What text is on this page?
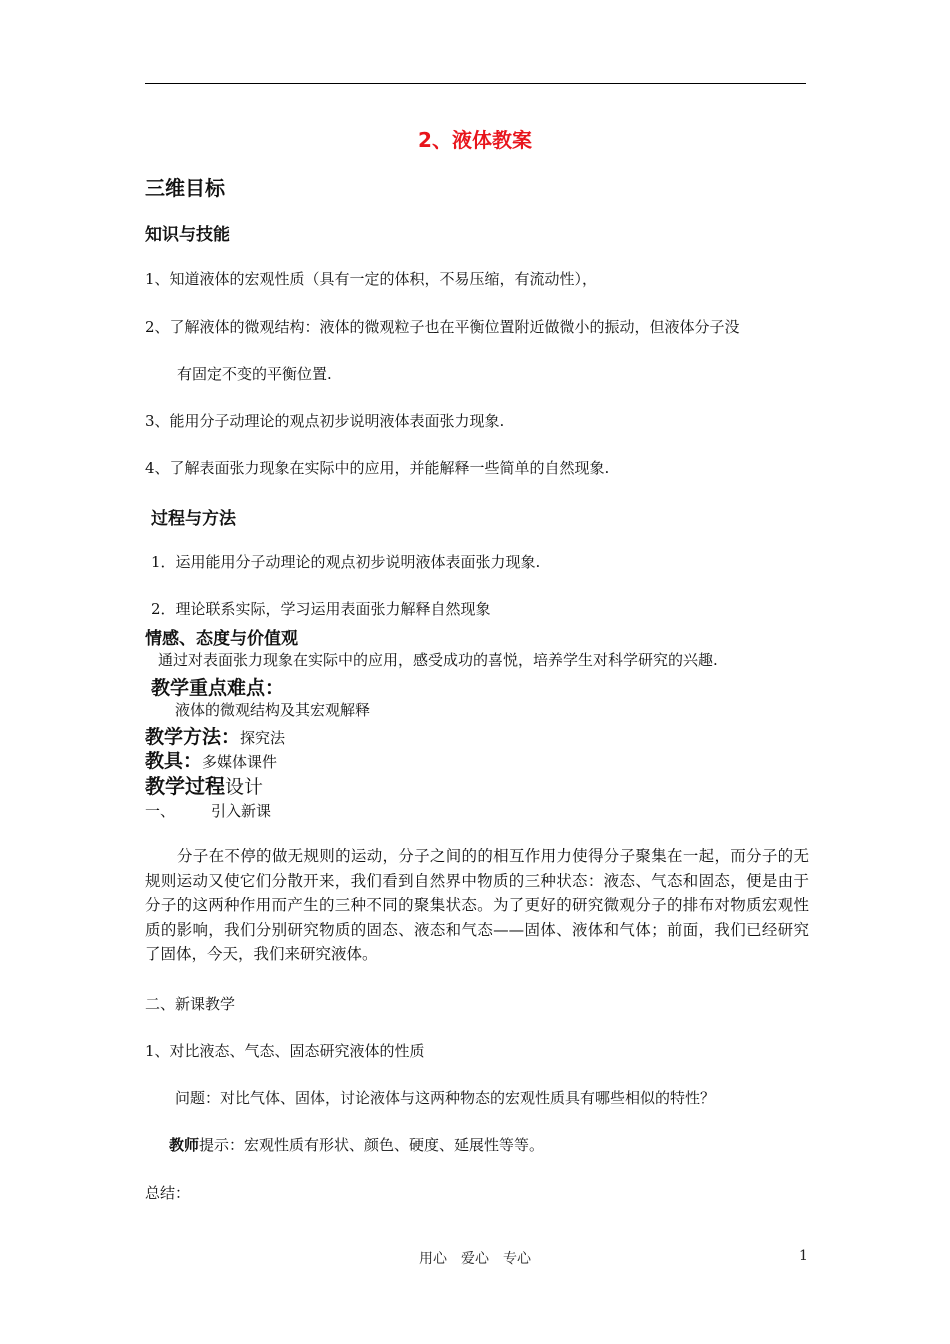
2、液体教案
三维目标
知识与技能
1、知道液体的宏观性质（具有一定的体积，不易压缩，有流动性），
2、了解液体的微观结构：液体的微观粒子也在平衡位置附近做微小的振动，但液体分子没
有固定不变的平衡位置.
3、能用分子动理论的观点初步说明液体表面张力现象.
4、了解表面张力现象在实际中的应用，并能解释一些简单的自然现象.
过程与方法
1．运用能用分子动理论的观点初步说明液体表面张力现象.
2．理论联系实际，学习运用表面张力解释自然现象
情感、态度与价值观
通过对表面张力现象在实际中的应用，感受成功的喜悦，培养学生对科学研究的兴趣.
教学重点难点：
液体的微观结构及其宏观解释
教学方法：探究法
教具：多媒体课件
教学过程设计
一、 引入新课
分子在不停的做无规则的运动，分子之间的的相互作用力使得分子聚集在一起，而分子的无规则运动又使它们分散开来，我们看到自然界中物质的三种状态：液态、气态和固态，便是由于分子的这两种作用而产生的三种不同的聚集状态。为了更好的研究微观分子的排布对物质宏观性质的影响，我们分别研究物质的固态、液态和气态——固体、液体和气体；前面，我们已经研究了固体，今天，我们来研究液体。
二、新课教学
1、对比液态、气态、固态研究液体的性质
问题：对比气体、固体，讨论液体与这两种物态的宏观性质具有哪些相似的特性？
教师提示：宏观性质有形状、颜色、硬度、延展性等等。
总结：
用心　爱心　专心	1
